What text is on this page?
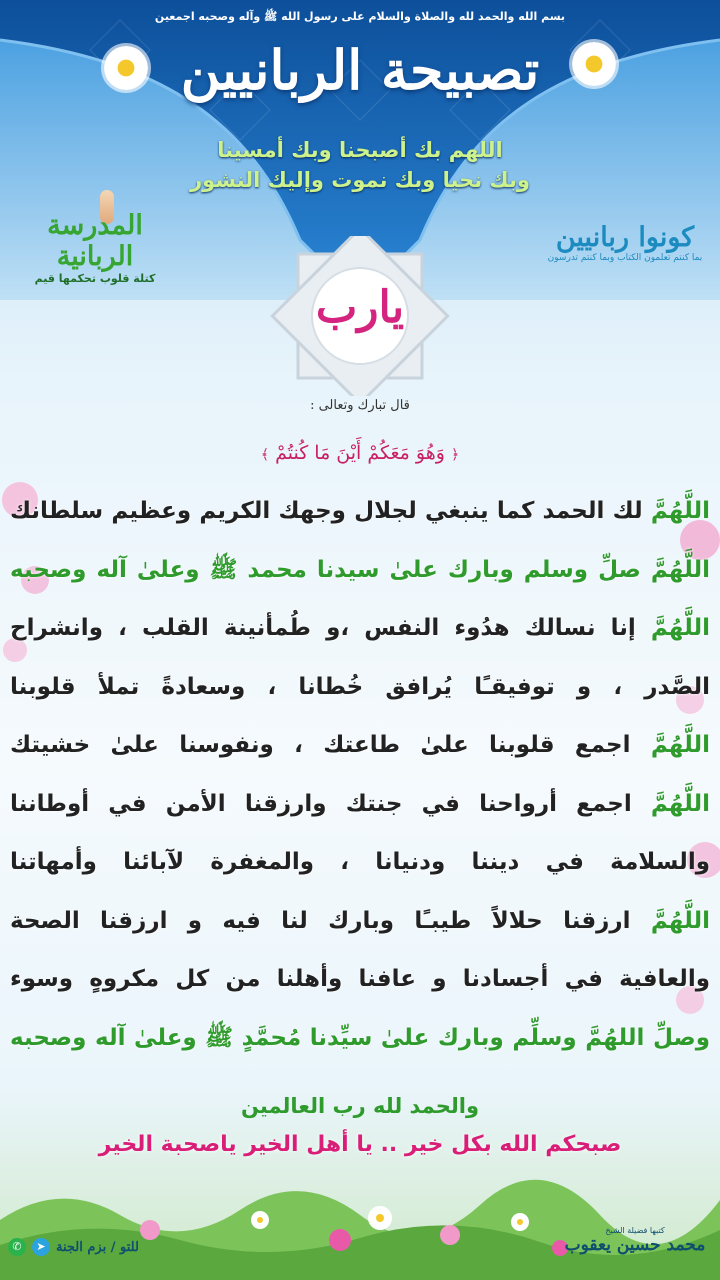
بسم الله والحمد لله والصلاة والسلام على رسول الله ﷺ وآله وصحبه اجمعين
تصبيحة الربانيين
اللهم بك أصبحنا وبك أمسينا
وبك نحيا وبك نموت وإليك النشور
المدرسة الربانية
كتلة قلوب تحكمها قيم
كونوا ربانيين
بما كنتم تعلمون الكتاب وبما كنتم تدرسون
يارب
قال تبارك وتعالى :
﴿ وَهُوَ مَعَكُمْ أَيْنَ مَا كُنتُمْ ﴾
اللَّهُمَّ لك الحمد كما ينبغي لجلال وجهك الكريم وعظيم سلطانك
اللَّهُمَّ صلِّ وسلم وبارك علىٰ سيدنا محمد ﷺ وعلىٰ آله وصحبه
اللَّهُمَّ إنا نسالك هدُوء النفس ،و طُمأنينة القلب ، وانشراح
الصَّدر ، و توفيقـًا يُرافق خُطانا ، وسعادةً تملأ قلوبنا
اللَّهُمَّ اجمع قلوبنا علىٰ طاعتك ، ونفوسنا علىٰ خشيتك
اللَّهُمَّ اجمع أرواحنا في جنتك وارزقنا الأمن في أوطاننا
والسلامة في ديننا ودنيانا ، والمغفرة لآبائنا وأمهاتنا
اللَّهُمَّ ارزقنا حلالاً طيبـًا وبارك لنا فيه و ارزقنا الصحة
والعافية في أجسادنا و عافنا وأهلنا من كل مكروهٍ وسوء
وصلِّ اللهُمَّ وسلِّم وبارك علىٰ سيِّدنا مُحمَّدٍ ﷺ وعلىٰ آله وصحبه
والحمد لله رب العالمين
صبحكم الله بكل خير .. يا أهل الخير ياصحبة الخير
✆	➤ للتو / بزم الجنة
كتبها فضيلة الشيخ
محمد حسين يعقوب
